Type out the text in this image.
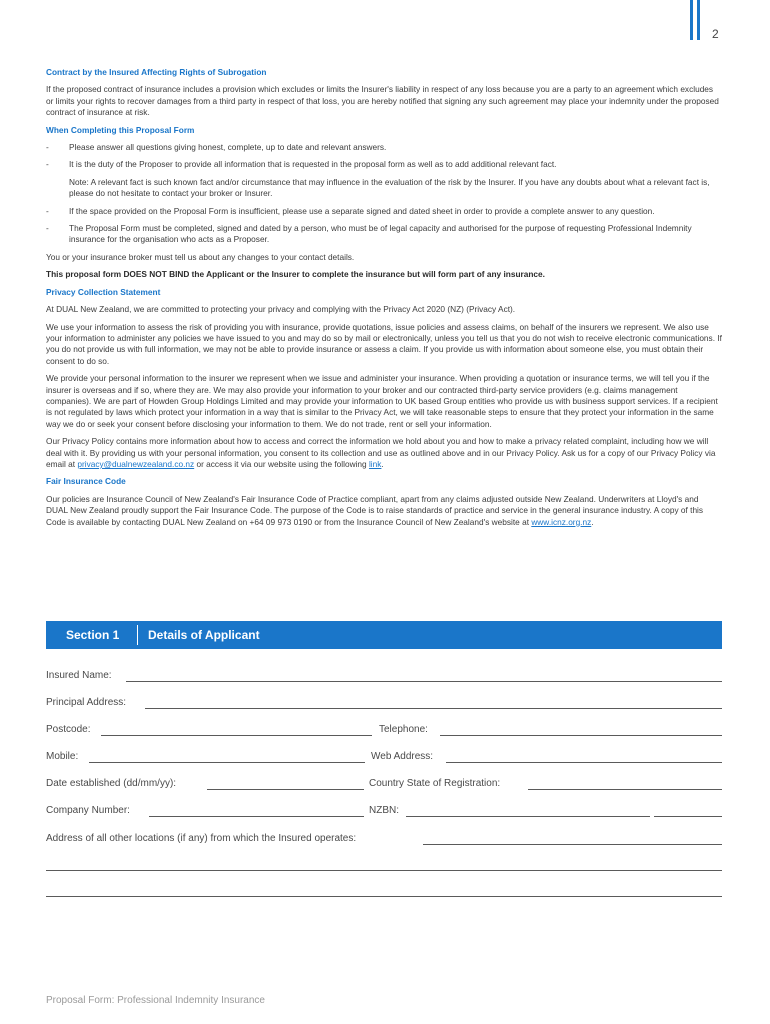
2
Contract by the Insured Affecting Rights of Subrogation

If the proposed contract of insurance includes a provision which excludes or limits the Insurer's liability in respect of any loss because you are a party to an agreement which excludes or limits your rights to recover damages from a third party in respect of that loss, you are hereby notified that signing any such agreement may place your indemnity under the proposed contract of insurance at risk.

When Completing this Proposal Form
- Please answer all questions giving honest, complete, up to date and relevant answers.
- It is the duty of the Proposer to provide all information that is requested in the proposal form as well as to add additional relevant fact.
Note: A relevant fact is such known fact and/or circumstance that may influence in the evaluation of the risk by the Insurer. If you have any doubts about what a relevant fact is, please do not hesitate to contact your broker or Insurer.
- If the space provided on the Proposal Form is insufficient, please use a separate signed and dated sheet in order to provide a complete answer to any question.
- The Proposal Form must be completed, signed and dated by a person, who must be of legal capacity and authorised for the purpose of requesting Professional Indemnity insurance for the organisation who acts as a Proposer.

You or your insurance broker must tell us about any changes to your contact details.

This proposal form DOES NOT BIND the Applicant or the Insurer to complete the insurance but will form part of any insurance.

Privacy Collection Statement

At DUAL New Zealand, we are committed to protecting your privacy and complying with the Privacy Act 2020 (NZ) (Privacy Act).

We use your information to assess the risk of providing you with insurance, provide quotations, issue policies and assess claims, on behalf of the insurers we represent. We also use your information to administer any policies we have issued to you and may do so by mail or electronically, unless you tell us that you do not wish to receive electronic communications. If you do not provide us with full information, we may not be able to provide insurance or assess a claim. If you provide us with information about someone else, you must obtain their consent to do so.

We provide your personal information to the insurer we represent when we issue and administer your insurance. When providing a quotation or insurance terms, we will tell you if the insurer is overseas and if so, where they are. We may also provide your information to your broker and our contracted third-party service providers (e.g. claims management companies). We are part of Howden Group Holdings Limited and may provide your information to UK based Group entities who provide us with business support services. If a recipient is not regulated by laws which protect your information in a way that is similar to the Privacy Act, we will take reasonable steps to ensure that they protect your information in the same way we do or seek your consent before disclosing your information to them. We do not trade, rent or sell your information.

Our Privacy Policy contains more information about how to access and correct the information we hold about you and how to make a privacy related complaint, including how we will deal with it. By providing us with your personal information, you consent to its collection and use as outlined above and in our Privacy Policy. Ask us for a copy of our Privacy Policy via email at privacy@dualnewzealand.co.nz or access it via our website using the following link.

Fair Insurance Code

Our policies are Insurance Council of New Zealand's Fair Insurance Code of Practice compliant, apart from any claims adjusted outside New Zealand. Underwriters at Lloyd's and DUAL New Zealand proudly support the Fair Insurance Code. The purpose of the Code is to raise standards of practice and service in the general insurance industry. A copy of this Code is available by contacting DUAL New Zealand on +64 09 973 0190 or from the Insurance Council of New Zealand's website at www.icnz.org.nz.

Section 1 Details of Applicant
Insured Name:
Principal Address:
Postcode:	Telephone:
Mobile:	Web Address:
Date established (dd/mm/yy):	Country State of Registration:
Company Number:	NZBN:
Address of all other locations (if any) from which the Insured operates:
Proposal Form: Professional Indemnity Insurance
